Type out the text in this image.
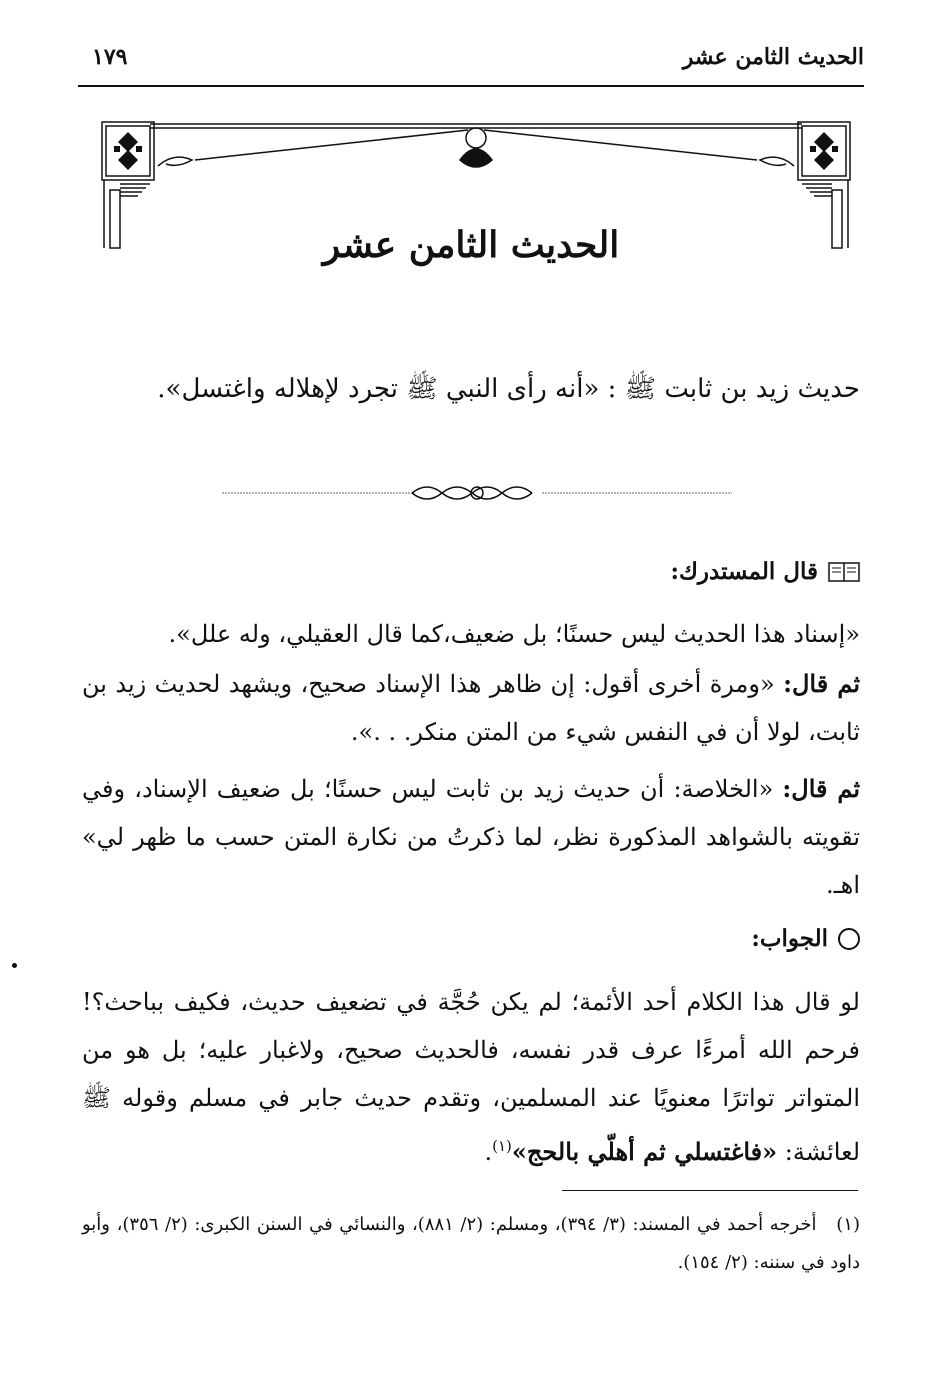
الحديث الثامن عشر
١٧٩
الحديث الثامن عشر
حديث زيد بن ثابت ﷺ : «أنه رأى النبي ﷺ تجرد لإهلاله واغتسل».
قال المستدرك:
«إسناد هذا الحديث ليس حسنًا؛ بل ضعيف،كما قال العقيلي، وله علل».
ثم قال: «ومرة أخرى أقول: إن ظاهر هذا الإسناد صحيح، ويشهد لحديث زيد بن ثابت، لولا أن في النفس شيء من المتن منكر. . .».
ثم قال: «الخلاصة: أن حديث زيد بن ثابت ليس حسنًا؛ بل ضعيف الإسناد، وفي تقويته بالشواهد المذكورة نظر، لما ذكرتُ من نكارة المتن حسب ما ظهر لي» اهـ.
الجواب:
لو قال هذا الكلام أحد الأئمة؛ لم يكن حُجَّة في تضعيف حديث، فكيف بباحث؟! فرحم الله أمرءًا عرف قدر نفسه، فالحديث صحيح، ولاغبار عليه؛ بل هو من المتواتر تواترًا معنويًا عند المسلمين، وتقدم حديث جابر في مسلم وقوله ﷺ لعائشة: «فاغتسلي ثم أهلّي بالحج»$^{(١)}$.
(١)   أخرجه أحمد في المسند: (٣/ ٣٩٤)، ومسلم: (٢/ ٨٨١)، والنسائي في السنن الكبرى: (٢/ ٣٥٦)، وأبو داود في سننه: (٢/ ١٥٤).
